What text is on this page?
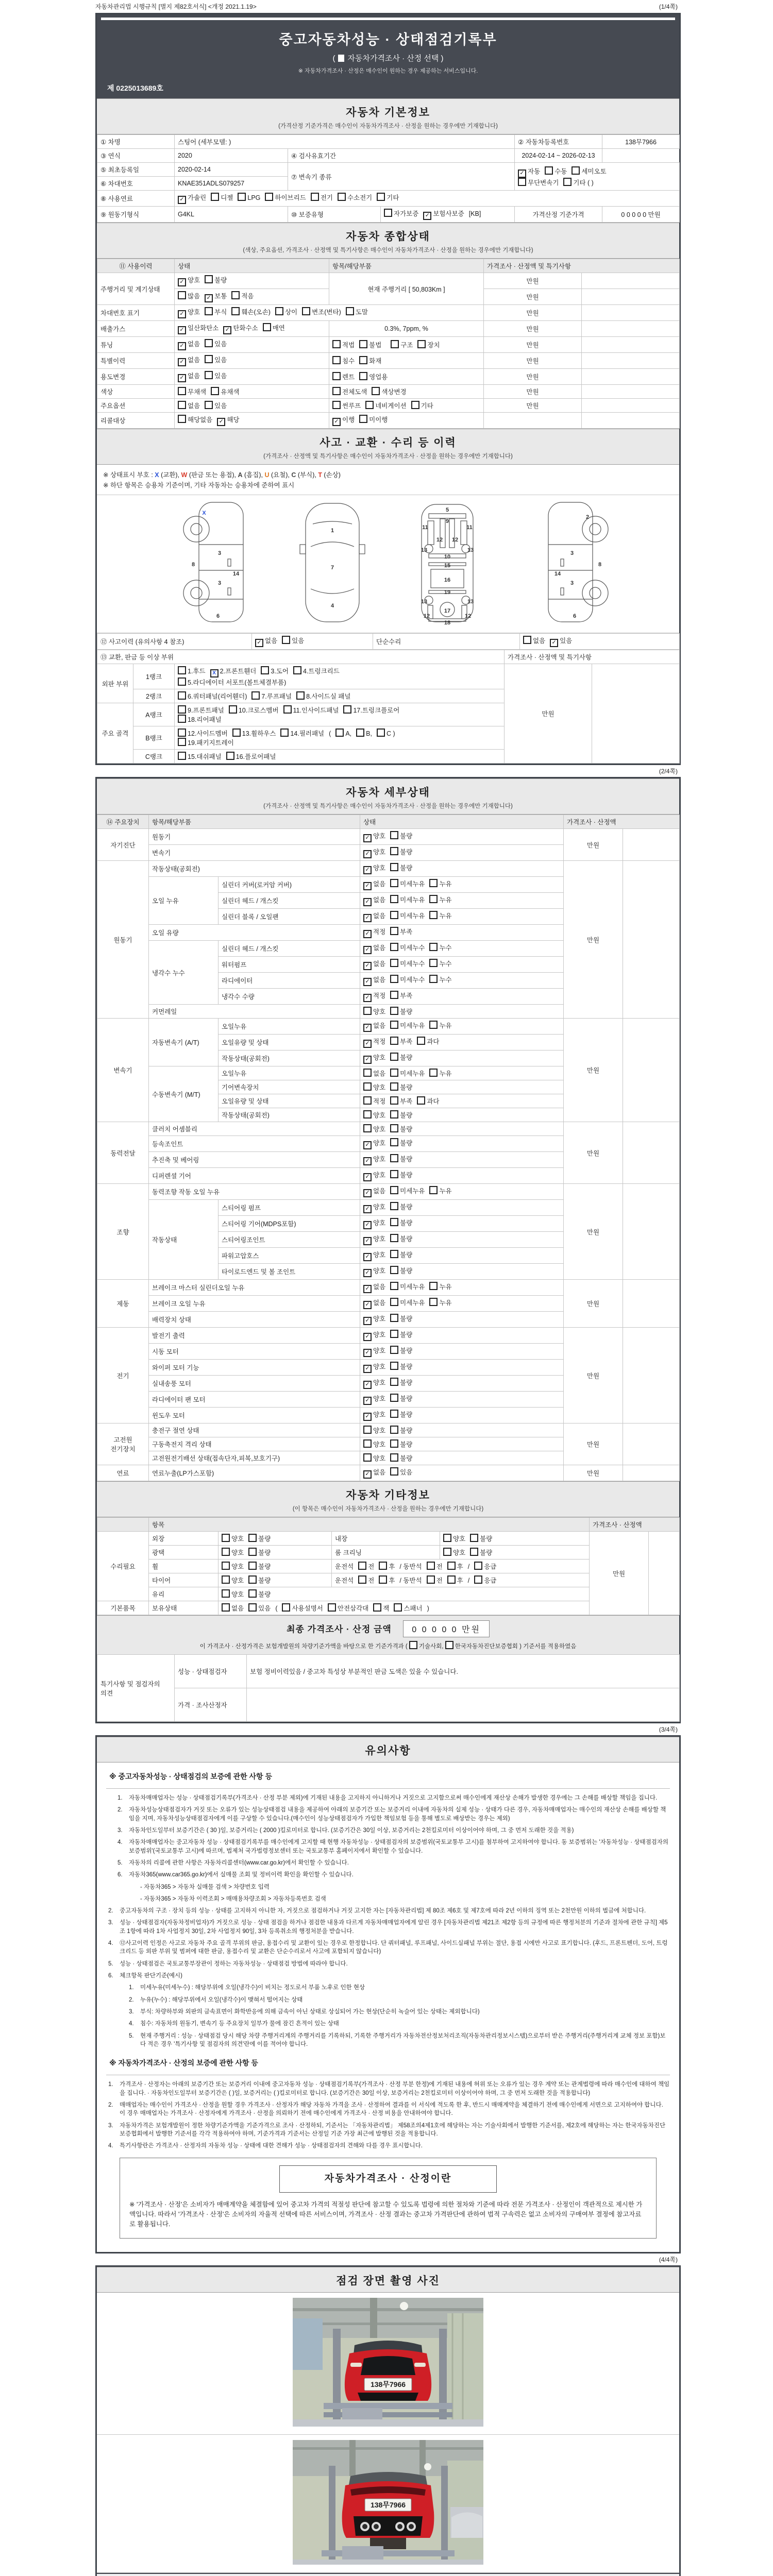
자동차관리법 시행규칙 [별지 제82호서식] <개정 2021.1.19>	(1/4쪽)
중고자동차성능 · 상태점검기록부
( 자동차가격조사 · 산정 선택 )
※ 자동차가격조사 · 산정은 매수인이 원하는 경우 제공하는 서비스입니다.
제 0225013689호
자동차 기본정보
(가격산정 기준가격은 매수인이 자동차가격조사 · 산정을 원하는 경우에만 기재합니다)
① 차명	스팅어 (세부모델: )			② 자동차등록번호	138무7966
③ 연식	2020	④ 검사유효기간		2024-02-14 ~ 2026-02-13	
⑤ 최초등록일	2020-02-14	⑦ 변속기 종류		✓ 자동 수동 세미오토
무단변속기 기타 ( )	
⑥ 차대번호	KNAE351ADLS079257				
⑧ 사용연료	✓ 가솔린 디젤 LPG 하이브리드 전기 수소전기 기타				
⑨ 원동기형식	G4KL	⑩ 보증유형	자가보증 ✓ 보험사보증 [KB]	가격산정 기준가격	0 0 0 0 0 만원
자동차 종합상태
(색상, 주요옵션, 가격조사 · 산정액 및 특기사항은 매수인이 자동차가격조사 · 산정을 원하는 경우에만 기재합니다)
⑪ 사용이력	상태	항목/해당부품	가격조사 · 산정액 및 특기사항	
주행거리 및 계기상태	✓ 양호 불량	현재 주행거리 [ 50,803Km ]	만원	
	많음 ✓ 보통 적음		만원	
차대번호 표기	✓ 양호 부식 훼손(오손) 상이 변조(변타) 도말		만원	
배출가스	✓ 일산화탄소 ✓ 탄화수소 매연	0.3%, 7ppm, %	만원	
튜닝	✓ 없음 있음	적법 불법 구조 장치	만원	
특별이력	✓ 없음 있음	침수 화재	만원	
용도변경	✓ 없음 있음	렌트 영업용	만원	
색상	무채색 유채색	전체도색 색상변경	만원	
주요옵션	없음 있음	썬루프 네비게이션 기타	만원	
리콜대상	해당없음 ✓ 해당	✓ 이행 미이행		
사고 · 교환 · 수리 등 이력
(가격조사 · 산정액 및 특기사항은 매수인이 자동차가격조사 · 산정을 원하는 경우에만 기재합니다)
※ 상태표시 부호 : X (교환), W (판금 또는 용접), A (흠집), U (요철), C (부식), T (손상)
※ 하단 항목은 승용차 기준이며, 기타 자동차는 승용차에 준하여 표시
X
8
3
3
14
6
1
7
4
5
9
11	11
13	13
12 12
10
15
16
19
13	13
12	12
17
18
2
3
3
8
14
6
⑫ 사고이력 (유의사항 4 참조)	✓ 없음 있음	단순수리	없음 ✓ 있음
⑬ 교환, 판금 등 이상 부위			가격조사 · 산정액 및 특기사항	
외판 부위	1랭크	1.후드 X 2.프론트휀더 3.도어 4.트렁크리드
5.라디에이터 서포트(볼트체결부품)	만원	
	2랭크	6.쿼터패널(리어휀더) 7.루프패널 8.사이드실 패널		
주요 골격	A랭크	9.프론트패널 10.크로스멤버 11.인사이드패널 17.트렁크플로어
18.리어패널		
	B랭크	12.사이드멤버 13.휠하우스 14.필러패널 ( A, B, C )
19.패키지트레이		
	C랭크	15.대쉬패널 16.플로어패널		
(2/4쪽)
자동차 세부상태
(가격조사 · 산정액 및 특기사항은 매수인이 자동차가격조사 · 산정을 원하는 경우에만 기재합니다)
⑭ 주요장치	항목/해당부품		상태	가격조사 · 산정액	
자기진단	원동기		✓ 양호 불량	만원	
	변속기		✓ 양호 불량		
원동기	작동상태(공회전)		✓ 양호 불량	만원	
	오일 누유	실린더 커버(로커암 커버)	✓ 없음 미세누유 누유		
		실린더 헤드 / 개스킷	✓ 없음 미세누유 누유		
		실린더 블록 / 오일팬	✓ 없음 미세누유 누유		
	오일 유량		✓ 적정 부족		
	냉각수 누수	실린더 헤드 / 개스킷	✓ 없음 미세누수 누수		
		워터펌프	✓ 없음 미세누수 누수		
		라디에이터	✓ 없음 미세누수 누수		
		냉각수 수량	✓ 적정 부족		
	커먼레일		양호 불량		
변속기	자동변속기 (A/T)	오일누유	✓ 없음 미세누유 누유	만원	
		오일유량 및 상태	✓ 적정 부족 과다		
		작동상태(공회전)	✓ 양호 불량		
	수동변속기 (M/T)	오일누유	없음 미세누유 누유		
		기어변속장치	양호 불량		
		오일유량 및 상태	적정 부족 과다		
		작동상태(공회전)	양호 불량		
동력전달	클러치 어셈블리		양호 불량	만원	
	등속조인트		✓ 양호 불량		
	추진축 및 베어링		✓ 양호 불량		
	디퍼렌셜 기어		✓ 양호 불량		
조향	동력조향 작동 오일 누유		✓ 없음 미세누유 누유	만원	
	작동상태	스티어링 펌프	✓ 양호 불량		
		스티어링 기어(MDPS포함)	✓ 양호 불량		
		스티어링조인트	✓ 양호 불량		
		파워고압호스	✓ 양호 불량		
		타이로드엔드 및 볼 조인트	✓ 양호 불량		
제동	브레이크 마스터 실린더오일 누유		✓ 없음 미세누유 누유	만원	
	브레이크 오일 누유		✓ 없음 미세누유 누유		
	배력장치 상태		✓ 양호 불량		
전기	발전기 출력		✓ 양호 불량	만원	
	시동 모터		✓ 양호 불량		
	와이퍼 모터 기능		✓ 양호 불량		
	실내송풍 모터		✓ 양호 불량		
	라디에이터 팬 모터		✓ 양호 불량		
	윈도우 모터		✓ 양호 불량		
고전원 전기장치	충전구 절연 상태		양호 불량	만원	
	구동축전지 격리 상태		양호 불량		
	고전원전기배선 상태(접속단자,피복,보호기구)		양호 불량		
연료	연료누출(LP가스포함)		✓ 없음 있음	만원	
자동차 기타정보
(이 항목은 매수인이 자동차가격조사 · 산정을 원하는 경우에만 기재합니다)
	항목				가격조사 · 산정액	
수리필요	외장	양호 불량	내장	양호 불량	만원	
	광택	양호 불량	룸 크리닝	양호 불량		
	휠	양호 불량	운전석 전 후 / 동반석 전 후 / 응급			
	타이어	양호 불량	운전석 전 후 / 동반석 전 후 / 응급			
	유리	양호 불량				
기본품목	보유상태	없음 있음 ( 사용설명서 안전삼각대 잭 스패너 )				
최종 가격조사 · 산정 금액 0 0 0 0 0 만원
이 가격조사 · 산정가격은 보험개발원의 차량기준가액을 바탕으로 한 기준가격과 ( 기술사회, 한국자동차진단보증협회 ) 기준서를 적용하였음
특기사항 및 점검자의 의견	성능 · 상태점검자	보험 정비이력있음 / 중고차 특성상 부분적인 판금 도색은 있을 수 있습니다.
	가격 · 조사산정자	
(3/4쪽)
유의사항
※ 중고자동차성능 · 상태점검의 보증에 관한 사항 등
1.	자동차매매업자는 성능 · 상태점검기록부(가격조사 · 산정 부분 제외)에 기재된 내용을 고지하지 아니하거나 거짓으로 고지함으로써 매수인에게 재산상 손해가 발생한 경우에는 그 손해를 배상할 책임을 집니다.
2.	자동차성능상태점검자가 거짓 또는 오류가 있는 성능상태점검 내용을 제공하여 아래의 보증기간 또는 보증거리 이내에 자동차의 실제 성능 · 상태가 다른 경우, 자동차매매업자는 매수인의 재산상 손해를 배상할 책임을 지며, 자동차성능상태점검자에게 이를 구상할 수 있습니다.(매수인이 성능상태점검자가 가입한 책임보험 등을 통해 별도로 배상받는 경우는 제외)
3.	자동차인도일부터 보증기간은 ( 30 )일, 보증거리는 ( 2000 )킬로미터로 합니다. (보증기간은 30일 이상, 보증거리는 2천킬로미터 이상이어야 하며, 그 중 먼저 도래한 것을 적용)
4.	자동차매매업자는 중고자동차 성능 · 상태점검기록부를 매수인에게 고지할 때 현행 자동차성능 · 상태점검자의 보증범위(국토교통부 고시)를 첨부하여 고지하여야 합니다. 동 보증범위는 '자동차성능 · 상태점검자의 보증범위'(국토교통부 고시)에 따르며, 법제처 국가법령정보센터 또는 국토교통부 홈페이지에서 확인할 수 있습니다.
5.	자동차의 리콜에 관한 사항은 자동차리콜센터(www.car.go.kr)에서 확인할 수 있습니다.
6.	자동차365(www.car365.go.kr)에서 실매물 조회 및 정비이력 확인을 확인할 수 있습니다.
- 자동차365 > 자동차 실매물 검색 > 차량번호 입력
- 자동차365 > 자동차 이력조회 > 매매용차량조회 > 자동차등록번호 검색
2.	중고자동차의 구조 · 장치 등의 성능 · 상태를 고지하지 아니한 자, 거짓으로 점검하거나 거짓 고지한 자는 [자동차관리법] 제 80조 제6호 및 제7호에 따라 2년 이하의 징역 또는 2천만원 이하의 벌금에 처합니다.
3.	성능 · 상태점검자(자동차정비업자)가 거짓으로 성능 · 상태 점검을 하거나 점검한 내용과 다르게 자동차매매업자에게 알린 경우 [자동차관리법 제21조 제2항 등의 규정에 따른 행정처분의 기준과 절차에 관한 규칙] 제5조 1항에 따라 1차 사업정지 30일, 2차 사업정지 90일, 3차 등록취소의 행정처분을 받습니다.
4.	⑫사고이력 인정은 사고로 자동차 주요 골격 부위의 판금, 용접수리 및 교환이 있는 경우로 한정합니다. 단 쿼터패널, 루프패널, 사이드실패널 부위는 절단, 용접 시에만 사고로 표기합니다. (후드, 프론트펜더, 도어, 트렁크리드 등 외판 부위 및 범퍼에 대한 판금, 용접수리 및 교환은 단순수리로서 사고에 포함되지 않습니다)
5.	성능 · 상태점검은 국토교통부장관이 정하는 자동차성능 · 상태점검 방법에 따라야 합니다.
6.	체크항목 판단기준(예시)
1.	미세누유(미세누수) : 해당부위에 오일(냉각수)이 비치는 정도로서 부품 노후로 인한 현상
2.	누유(누수) : 해당부위에서 오일(냉각수)이 맺혀서 떨어지는 상태
3.	부식: 차량하부와 외판의 금속표면이 화학반응에 의해 금속이 아닌 상태로 상실되어 가는 현상(단순히 녹슬어 있는 상태는 제외합니다)
4.	침수: 자동차의 원동기, 변속기 등 주요장치 일부가 물에 잠긴 흔적이 있는 상태
5.	현재 주행거리 : 성능 · 상태점검 당시 해당 차량 주행거리계의 주행거리를 기록하되, 기록한 주행거리가 자동차전산정보처리조직(자동차관리정보시스템)으로부터 받은 주행거리(주행거리계 교체 정보 포함)보다 적은 경우 '특기사항 및 점검자의 의견'란에 이를 적어야 합니다.
※ 자동차가격조사 · 산정의 보증에 관한 사항 등
1.	가격조사 · 산정자는 아래의 보증기간 또는 보증거리 이내에 중고자동차 성능 · 상태점검기록부(가격조사 · 산정 부분 한정)에 기재된 내용에 허위 또는 오류가 있는 경우 계약 또는 관계법령에 따라 매수인에 대하여 책임을 집니다. · 자동차인도일부터 보증기간은 ( )일, 보증거리는 ( )킬로미터로 합니다. (보증기간은 30일 이상, 보증거리는 2천킬로미터 이상이어야 하며, 그 중 먼저 도래한 것을 적용합니다)
2.	매매업자는 매수인이 가격조사 · 산정을 원할 경우 가격조사 · 산정자가 해당 자동차 가격을 조사 · 산정하여 결과를 이 서식에 적도록 한 후, 반드시 매매계약을 체결하기 전에 매수인에게 서면으로 고지하여야 합니다. 이 경우 매매업자는 가격조사 · 산정자에게 가격조사 · 산정을 의뢰하기 전에 매수인에게 가격조사 · 산정 비용을 안내하여야 합니다.
3.	자동차가격은 보험개발원이 정한 차량기준가액을 기준가격으로 조사 · 산정하되, 기준서는 「자동차관리법」 제58조의4제1호에 해당하는 자는 기술사회에서 발행한 기준서를, 제2호에 해당하는 자는 한국자동차진단보증협회에서 발행한 기준서를 각각 적용하여야 하며, 기준가격과 기준서는 산정일 기준 가장 최근에 발행된 것을 적용합니다.
4.	특기사항란은 가격조사 · 산정자의 자동차 성능 · 상태에 대한 견해가 성능 · 상태점검자의 견해와 다를 경우 표시합니다.
자동차가격조사 · 산정이란
※ '가격조사 · 산정'은 소비자가 매매계약을 체결함에 있어 중고차 가격의 적절성 판단에 참고할 수 있도록 법령에 의한 절차와 기준에 따라 전문 가격조사 · 산정인이 객관적으로 제시한 가액입니다. 따라서 '가격조사 · 산정'은 소비자의 자율적 선택에 따른 서비스이며, 가격조사 · 산정 결과는 중고차 가격판단에 관하여 법적 구속력은 없고 소비자의 구매여부 결정에 참고자료로 활용됩니다.
(4/4쪽)
점검 장면 촬영 사진
138무7966
138무7966
